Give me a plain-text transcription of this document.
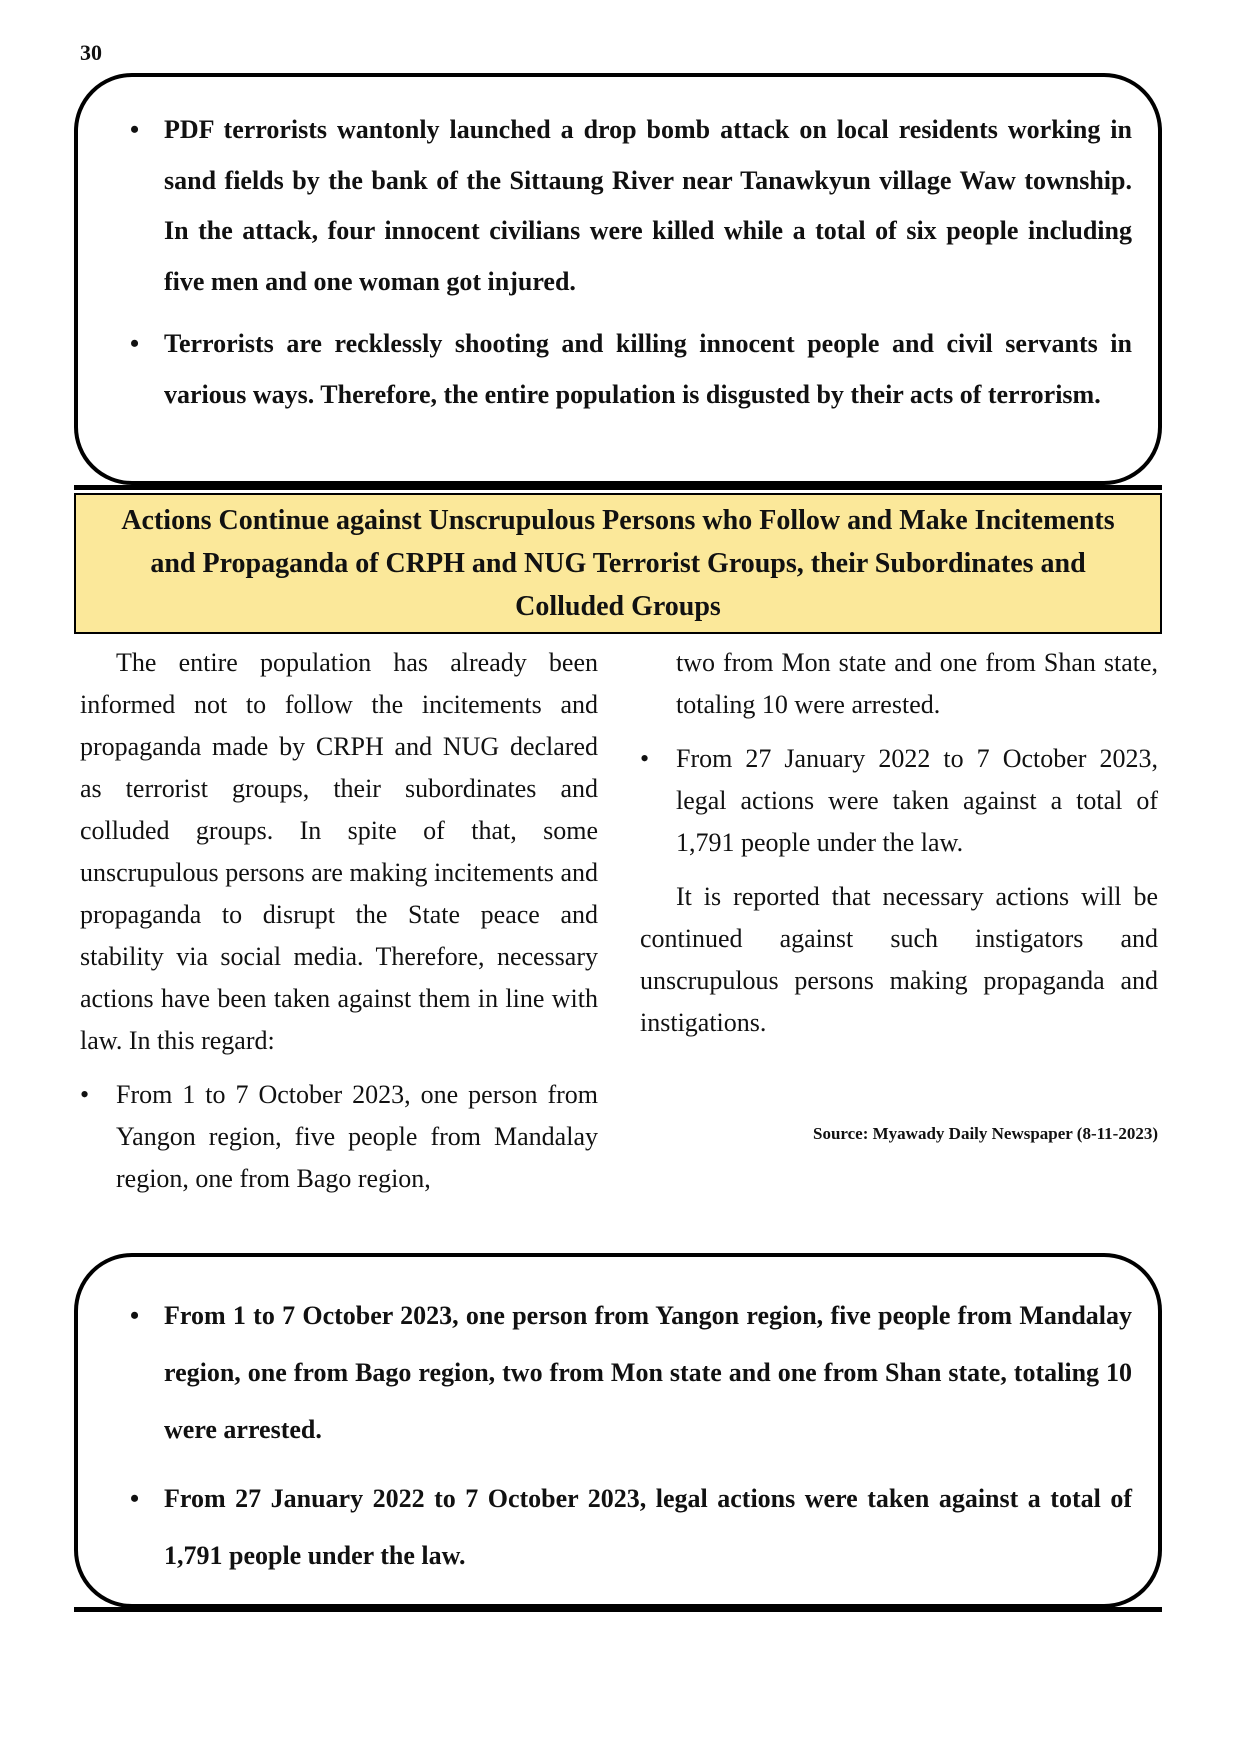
30
• PDF terrorists wantonly launched a drop bomb attack on local residents working in sand fields by the bank of the Sittaung River near Tanawkyun village Waw township. In the attack, four innocent civilians were killed while a total of six people including five men and one woman got injured.
• Terrorists are recklessly shooting and killing innocent people and civil servants in various ways. Therefore, the entire population is disgusted by their acts of terrorism.
Actions Continue against Unscrupulous Persons who Follow and Make Incitements and Propaganda of CRPH and NUG Terrorist Groups, their Subordinates and Colluded Groups

The entire population has already been informed not to follow the incitements and propaganda made by CRPH and NUG declared as terrorist groups, their subordinates and colluded groups. In spite of that, some unscrupulous persons are making incitements and propaganda to disrupt the State peace and stability via social media. Therefore, necessary actions have been taken against them in line with law. In this regard:

• From 1 to 7 October 2023, one person from Yangon region, five people from Mandalay region, one from Bago region,

two from Mon state and one from Shan state, totaling 10 were arrested.

• From 27 January 2022 to 7 October 2023, legal actions were taken against a total of 1,791 people under the law.

It is reported that necessary actions will be continued against such instigators and unscrupulous persons making propaganda and instigations.

Source: Myawady Daily Newspaper (8-11-2023)
• From 1 to 7 October 2023, one person from Yangon region, five people from Mandalay region, one from Bago region, two from Mon state and one from Shan state, totaling 10 were arrested.
• From 27 January 2022 to 7 October 2023, legal actions were taken against a total of 1,791 people under the law.
